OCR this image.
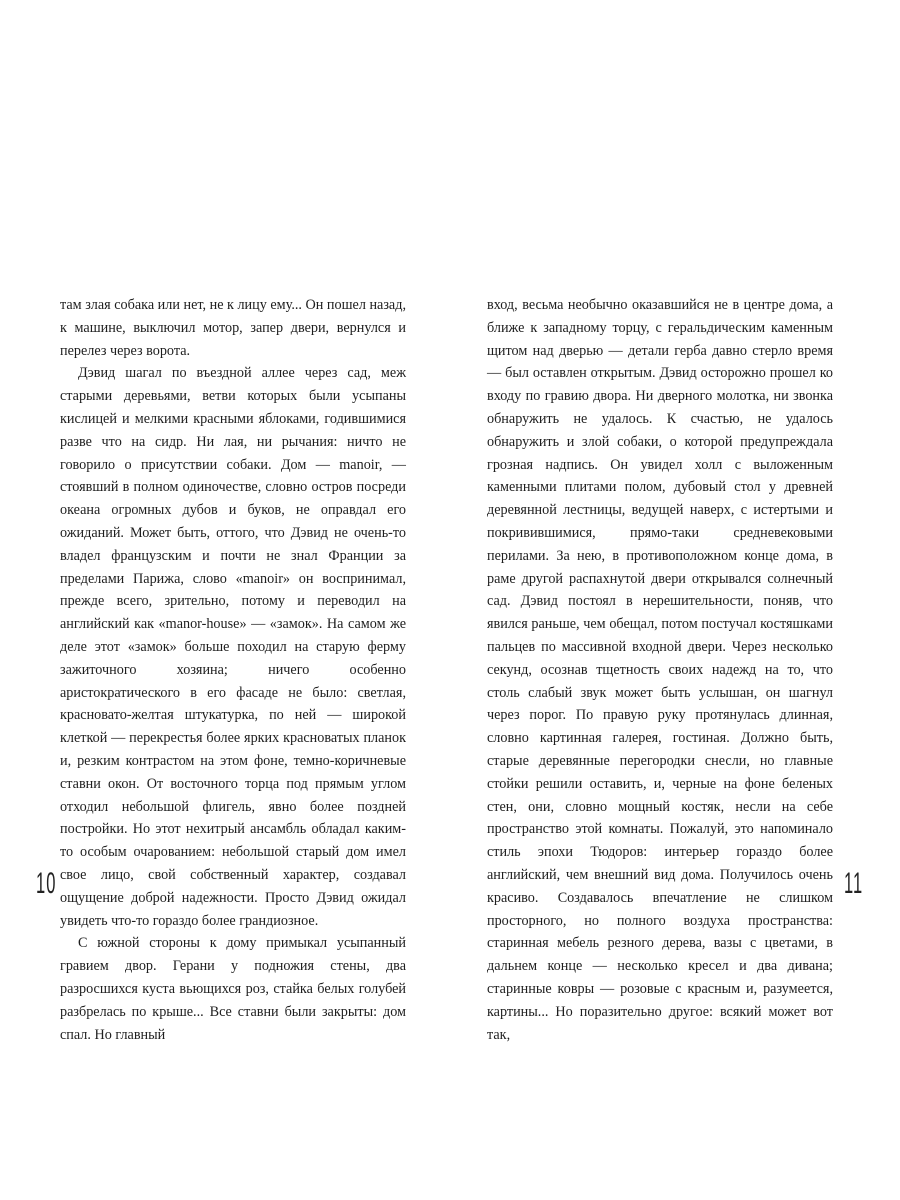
там злая собака или нет, не к лицу ему... Он пошел назад, к машине, выключил мотор, запер двери, вернулся и перелез через ворота.

Дэвид шагал по въездной аллее через сад, меж старыми деревьями, ветви которых были усыпаны кислицей и мелкими красными яблоками, годившимися разве что на сидр. Ни лая, ни рычания: ничто не говорило о присутствии собаки. Дом — manoir, — стоявший в полном одиночестве, словно остров посреди океана огромных дубов и буков, не оправдал его ожиданий. Может быть, оттого, что Дэвид не очень-то владел французским и почти не знал Франции за пределами Парижа, слово «manoir» он воспринимал, прежде всего, зрительно, потому и переводил на английский как «manor-house» — «замок». На самом же деле этот «замок» больше походил на старую ферму зажиточного хозяина; ничего особенно аристократического в его фасаде не было: светлая, красновато-желтая штукатурка, по ней — широкой клеткой — перекрестья более ярких красноватых планок и, резким контрастом на этом фоне, темно-коричневые ставни окон. От восточного торца под прямым углом отходил небольшой флигель, явно более поздней постройки. Но этот нехитрый ансамбль обладал каким-то особым очарованием: небольшой старый дом имел свое лицо, свой собственный характер, создавал ощущение доброй надежности. Просто Дэвид ожидал увидеть что-то гораздо более грандиозное.

С южной стороны к дому примыкал усыпанный гравием двор. Герани у подножия стены, два разросшихся куста вьющихся роз, стайка белых голубей разбрелась по крыше... Все ставни были закрыты: дом спал. Но главный

10

вход, весьма необычно оказавшийся не в центре дома, а ближе к западному торцу, с геральдическим каменным щитом над дверью — детали герба давно стерло время — был оставлен открытым. Дэвид осторожно прошел ко входу по гравию двора. Ни дверного молотка, ни звонка обнаружить не удалось. К счастью, не удалось обнаружить и злой собаки, о которой предупреждала грозная надпись. Он увидел холл с выложенным каменными плитами полом, дубовый стол у древней деревянной лестницы, ведущей наверх, с истертыми и покривившимися, прямо-таки средневековыми перилами. За нею, в противоположном конце дома, в раме другой распахнутой двери открывался солнечный сад. Дэвид постоял в нерешительности, поняв, что явился раньше, чем обещал, потом постучал костяшками пальцев по массивной входной двери. Через несколько секунд, осознав тщетность своих надежд на то, что столь слабый звук может быть услышан, он шагнул через порог. По правую руку протянулась длинная, словно картинная галерея, гостиная. Должно быть, старые деревянные перегородки снесли, но главные стойки решили оставить, и, черные на фоне беленых стен, они, словно мощный костяк, несли на себе пространство этой комнаты. Пожалуй, это напоминало стиль эпохи Тюдоров: интерьер гораздо более английский, чем внешний вид дома. Получилось очень красиво. Создавалось впечатление не слишком просторного, но полного воздуха пространства: старинная мебель резного дерева, вазы с цветами, в дальнем конце — несколько кресел и два дивана; старинные ковры — розовые с красным и, разумеется, картины... Но поразительно другое: всякий может вот так,

11
